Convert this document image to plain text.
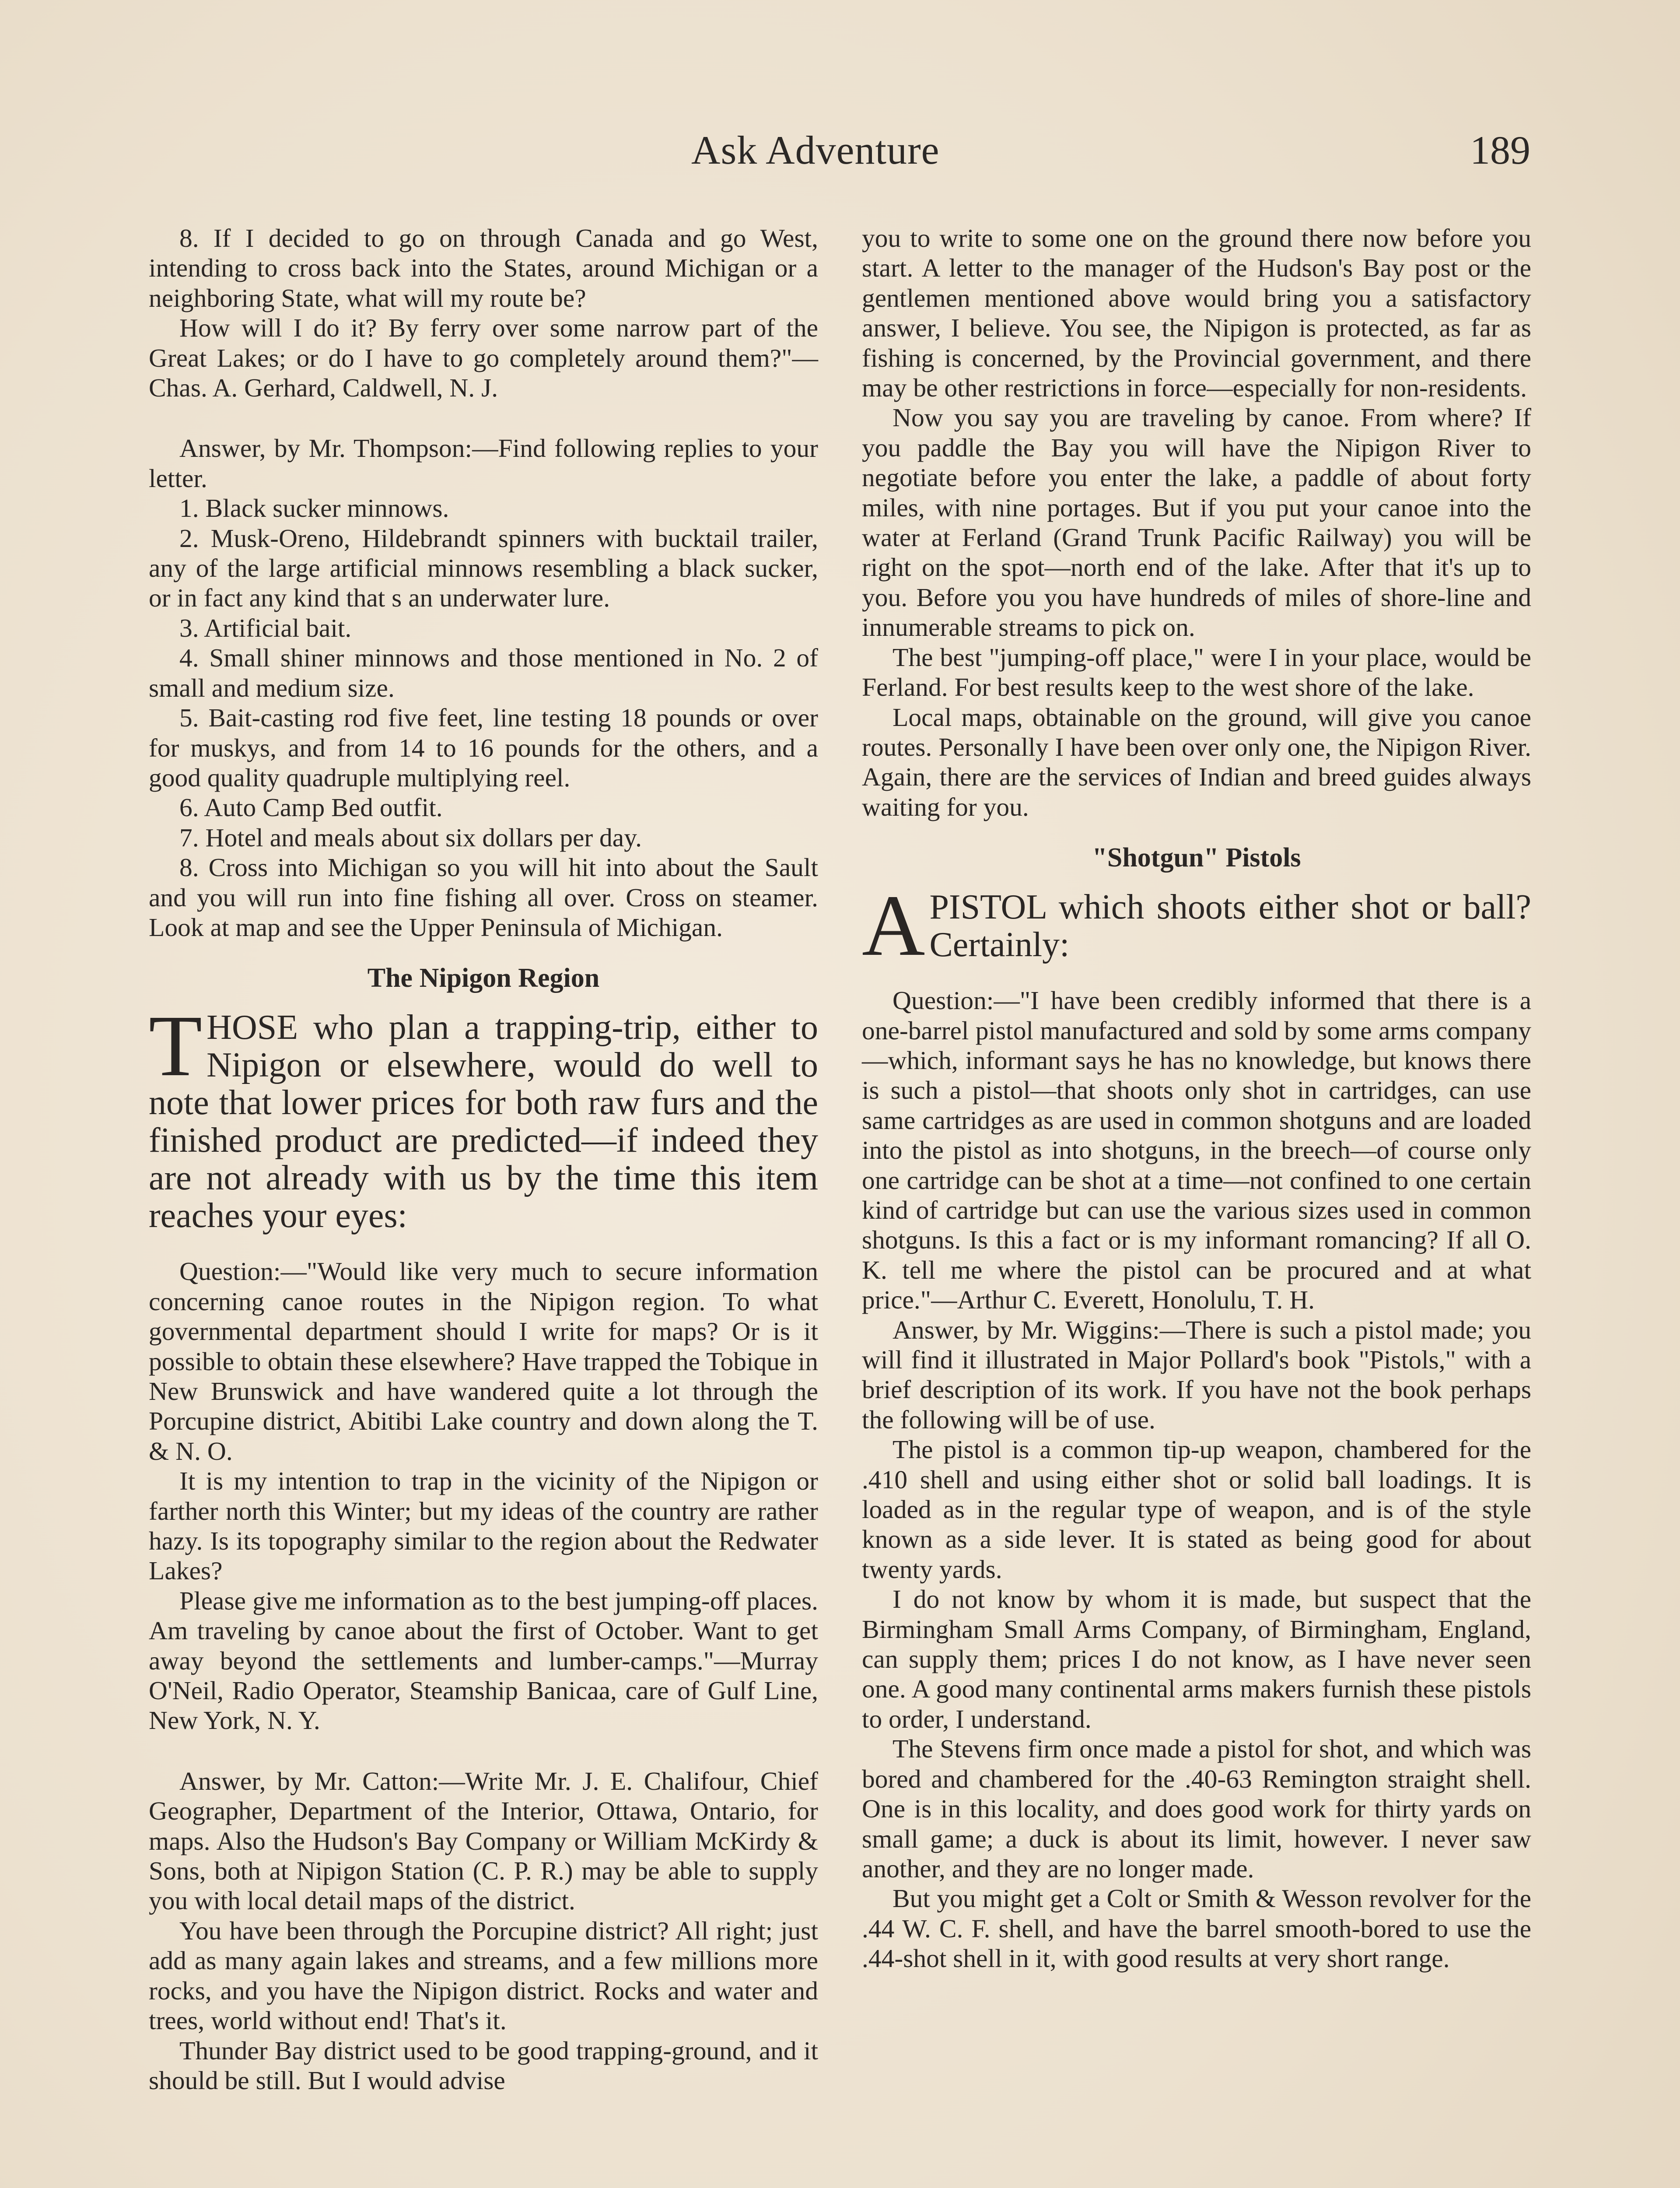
Ask Adventure	189

8. If I decided to go on through Canada and go West, intending to cross back into the States, around Michigan or a neighboring State, what will my route be?

How will I do it? By ferry over some narrow part of the Great Lakes; or do I have to go completely around them?"—Chas. A. Gerhard, Caldwell, N. J.

Answer, by Mr. Thompson:—Find following replies to your letter.

1. Black sucker minnows.

2. Musk-Oreno, Hildebrandt spinners with bucktail trailer, any of the large artificial minnows resembling a black sucker, or in fact any kind that s an underwater lure.

3. Artificial bait.

4. Small shiner minnows and those mentioned in No. 2 of small and medium size.

5. Bait-casting rod five feet, line testing 18 pounds or over for muskys, and from 14 to 16 pounds for the others, and a good quality quadruple multiplying reel.

6. Auto Camp Bed outfit.

7. Hotel and meals about six dollars per day.

8. Cross into Michigan so you will hit into about the Sault and you will run into fine fishing all over. Cross on steamer. Look at map and see the Upper Peninsula of Michigan.

The Nipigon Region
THOSE who plan a trapping-trip, either to Nipigon or elsewhere, would do well to note that lower prices for both raw furs and the finished product are predicted—if indeed they are not already with us by the time this item reaches your eyes:

Question:—"Would like very much to secure information concerning canoe routes in the Nipigon region. To what governmental department should I write for maps? Or is it possible to obtain these elsewhere? Have trapped the Tobique in New Brunswick and have wandered quite a lot through the Porcupine district, Abitibi Lake country and down along the T. & N. O.

It is my intention to trap in the vicinity of the Nipigon or farther north this Winter; but my ideas of the country are rather hazy. Is its topography similar to the region about the Redwater Lakes?

Please give me information as to the best jumping-off places. Am traveling by canoe about the first of October. Want to get away beyond the settlements and lumber-camps."—Murray O'Neil, Radio Operator, Steamship Banicaa, care of Gulf Line, New York, N. Y.

Answer, by Mr. Catton:—Write Mr. J. E. Chalifour, Chief Geographer, Department of the Interior, Ottawa, Ontario, for maps. Also the Hudson's Bay Company or William McKirdy & Sons, both at Nipigon Station (C. P. R.) may be able to supply you with local detail maps of the district.

You have been through the Porcupine district? All right; just add as many again lakes and streams, and a few millions more rocks, and you have the Nipigon district. Rocks and water and trees, world without end! That's it.

Thunder Bay district used to be good trapping-ground, and it should be still. But I would advise

you to write to some one on the ground there now before you start. A letter to the manager of the Hudson's Bay post or the gentlemen mentioned above would bring you a satisfactory answer, I believe. You see, the Nipigon is protected, as far as fishing is concerned, by the Provincial government, and there may be other restrictions in force—especially for non-residents.

Now you say you are traveling by canoe. From where? If you paddle the Bay you will have the Nipigon River to negotiate before you enter the lake, a paddle of about forty miles, with nine portages. But if you put your canoe into the water at Ferland (Grand Trunk Pacific Railway) you will be right on the spot—north end of the lake. After that it's up to you. Before you you have hundreds of miles of shore-line and innumerable streams to pick on.

The best "jumping-off place," were I in your place, would be Ferland. For best results keep to the west shore of the lake.

Local maps, obtainable on the ground, will give you canoe routes. Personally I have been over only one, the Nipigon River. Again, there are the services of Indian and breed guides always waiting for you.

"Shotgun" Pistols
APISTOL which shoots either shot or ball? Certainly:

Question:—"I have been credibly informed that there is a one-barrel pistol manufactured and sold by some arms company—which, informant says he has no knowledge, but knows there is such a pistol—that shoots only shot in cartridges, can use same cartridges as are used in common shotguns and are loaded into the pistol as into shotguns, in the breech—of course only one cartridge can be shot at a time—not confined to one certain kind of cartridge but can use the various sizes used in common shotguns. Is this a fact or is my informant romancing? If all O. K. tell me where the pistol can be procured and at what price."—Arthur C. Everett, Honolulu, T. H.

Answer, by Mr. Wiggins:—There is such a pistol made; you will find it illustrated in Major Pollard's book "Pistols," with a brief description of its work. If you have not the book perhaps the following will be of use.

The pistol is a common tip-up weapon, chambered for the .410 shell and using either shot or solid ball loadings. It is loaded as in the regular type of weapon, and is of the style known as a side lever. It is stated as being good for about twenty yards.

I do not know by whom it is made, but suspect that the Birmingham Small Arms Company, of Birmingham, England, can supply them; prices I do not know, as I have never seen one. A good many continental arms makers furnish these pistols to order, I understand.

The Stevens firm once made a pistol for shot, and which was bored and chambered for the .40-63 Remington straight shell. One is in this locality, and does good work for thirty yards on small game; a duck is about its limit, however. I never saw another, and they are no longer made.

But you might get a Colt or Smith & Wesson revolver for the .44 W. C. F. shell, and have the barrel smooth-bored to use the .44-shot shell in it, with good results at very short range.
